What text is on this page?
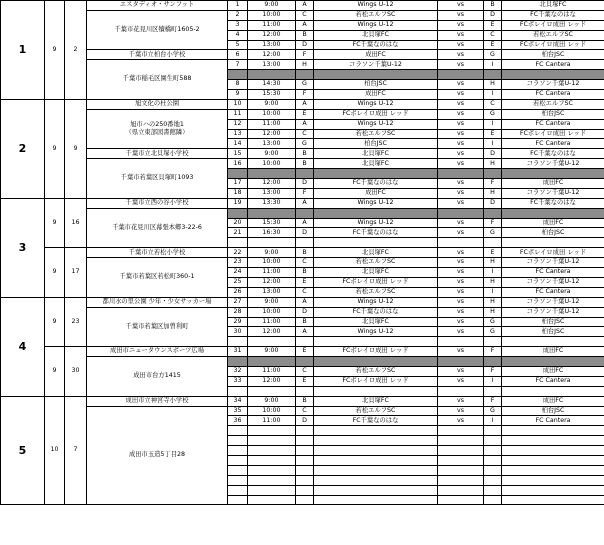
1	9	2	エスタディオ・サンフット	1	9:00	A	Wings U-12	vs	B	北貝塚FC

			千葉市花見川区犢橋町1605-2	2	10:00	C	若松エルフSC	vs	D	FC千葉なのはな
				3	11:00	A	Wings U-12	vs	E	FCボレイロ成田 レッド
				4	12:00	B	北貝塚FC	vs	C	若松エルフSC
				5	13:00	D	FC千葉なのはな	vs	E	FCボレイロ成田 レッド
			千葉市立柏台小学校	6	12:00	F	成田FC	vs	G	柏台JSC

			千葉市稲毛区園生町588	7	13:00	H	コラソン千葉U-12	vs	I	FC Cantera

				8	14:30	G	柏台JSC	vs	H	コラソン千葉U-12
				9	15:30	F	成田FC	vs	I	FC Cantera
2	9	9	旭文化の杜公園	10	9:00	A	Wings U-12	vs	C	若松エルフSC

			旭市ハの250番地1
（県立東部図書館隣）	11	10:00	E	FCボレイロ成田 レッド	vs	G	柏台JSC
				12	11:00	A	Wings U-12	vs	I	FC Cantera
				13	12:00	C	若松エルフSC	vs	E	FCボレイロ成田 レッド
				14	13:00	G	柏台JSC	vs	I	FC Cantera
			千葉市立北貝塚小学校	15	9:00	B	北貝塚FC	vs	D	FC千葉なのはな

			千葉市若葉区貝塚町1093	16	10:00	B	北貝塚FC	vs	H	コラソン千葉U-12

				17	12:00	D	FC千葉なのはな	vs	F	成田FC
				18	13:00	F	成田FC	vs	H	コラソン千葉U-12
3	9	16	千葉市立西の谷小学校	19	13:30	A	Wings U-12	vs	D	FC千葉なのはな

			千葉市花見川区幕張本郷3-22-6							

				20	15:30	A	Wings U-12	vs	F	成田FC
				21	16:30	D	FC千葉なのはな	vs	G	柏台JSC

	9	17	千葉市立若松小学校	22	9:00	B	北貝塚FC	vs	E	FCボレイロ成田 レッド

			千葉市若葉区若松町360-1	23	10:00	C	若松エルフSC	vs	H	コラソン千葉U-12
				24	11:00	B	北貝塚FC	vs	I	FC Cantera
				25	12:00	E	FCボレイロ成田 レッド	vs	H	コラソン千葉U-12
				26	13:00	C	若松エルフSC	vs	I	FC Cantera
4	9	23	都川水の里公園 少年・少女サッカー場	27	9:00	A	Wings U-12	vs	H	コラソン千葉U-12

			千葉市若葉区加曽利町	28	10:00	D	FC千葉なのはな	vs	H	コラソン千葉U-12
				29	11:00	B	北貝塚FC	vs	G	柏台JSC
				30	12:00	A	Wings U-12	vs	G	柏台JSC

	9	30	成田市ニュータウンスポーツ広場	31	9:00	E	FCボレイロ成田 レッド	vs	F	成田FC

			成田市台方1415							

				32	11:00	C	若松エルフSC	vs	F	成田FC
				33	12:00	E	FCボレイロ成田 レッド	vs	I	FC Cantera

5	10	7	成田市立神宮寺小学校	34	9:00	B	北貝塚FC	vs	F	成田FC

			成田市玉造5丁目28	35	10:00	C	若松エルフSC	vs	G	柏台JSC
				36	11:00	D	FC千葉なのはな	vs	I	FC Cantera
